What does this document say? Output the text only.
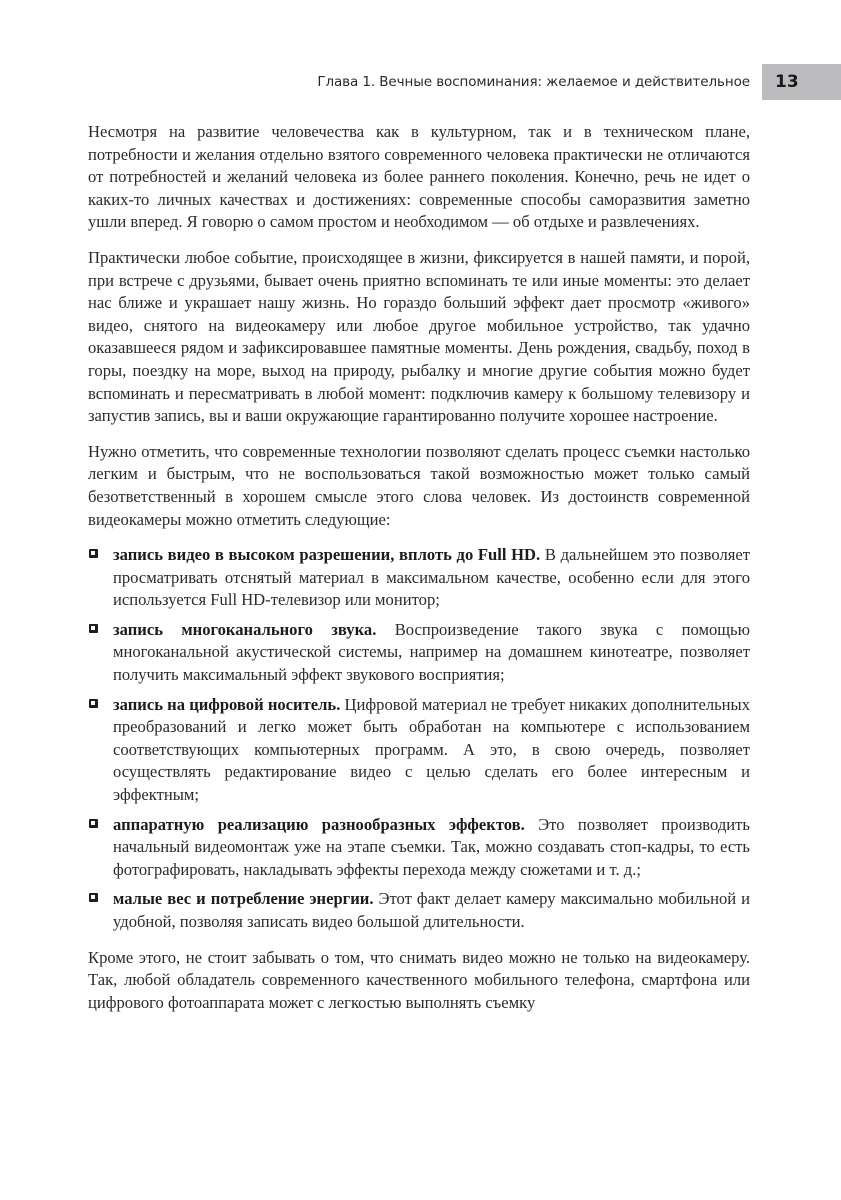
Глава 1. Вечные воспоминания: желаемое и действительное 13

Несмотря на развитие человечества как в культурном, так и в техническом плане, потребности и желания отдельно взятого современного человека практически не отличаются от потребностей и желаний человека из более раннего поколения. Конечно, речь не идет о каких-то личных качествах и достижениях: современные способы саморазвития заметно ушли вперед. Я говорю о самом простом и необходимом — об отдыхе и развлечениях.

Практически любое событие, происходящее в жизни, фиксируется в нашей памяти, и порой, при встрече с друзьями, бывает очень приятно вспоминать те или иные моменты: это делает нас ближе и украшает нашу жизнь. Но гораздо больший эффект дает просмотр «живого» видео, снятого на видеокамеру или любое другое мобильное устройство, так удачно оказавшееся рядом и зафиксировавшее памятные моменты. День рождения, свадьбу, поход в горы, поездку на море, выход на природу, рыбалку и многие другие события можно будет вспоминать и пересматривать в любой момент: подключив камеру к большому телевизору и запустив запись, вы и ваши окружающие гарантированно получите хорошее настроение.

Нужно отметить, что современные технологии позволяют сделать процесс съемки настолько легким и быстрым, что не воспользоваться такой возможностью может только самый безответственный в хорошем смысле этого слова человек. Из достоинств современной видеокамеры можно отметить следующие:

запись видео в высоком разрешении, вплоть до Full HD. В дальнейшем это позволяет просматривать отснятый материал в максимальном качестве, особенно если для этого используется Full HD-телевизор или монитор;
запись многоканального звука. Воспроизведение такого звука с помощью многоканальной акустической системы, например на домашнем кинотеатре, позволяет получить максимальный эффект звукового восприятия;
запись на цифровой носитель. Цифровой материал не требует никаких дополнительных преобразований и легко может быть обработан на компьютере с использованием соответствующих компьютерных программ. А это, в свою очередь, позволяет осуществлять редактирование видео с целью сделать его более интересным и эффектным;
аппаратную реализацию разнообразных эффектов. Это позволяет производить начальный видеомонтаж уже на этапе съемки. Так, можно создавать стоп-кадры, то есть фотографировать, накладывать эффекты перехода между сюжетами и т. д.;
малые вес и потребление энергии. Этот факт делает камеру максимально мобильной и удобной, позволяя записать видео большой длительности.

Кроме этого, не стоит забывать о том, что снимать видео можно не только на видеокамеру. Так, любой обладатель современного качественного мобильного телефона, смартфона или цифрового фотоаппарата может с легкостью выполнять съемку
